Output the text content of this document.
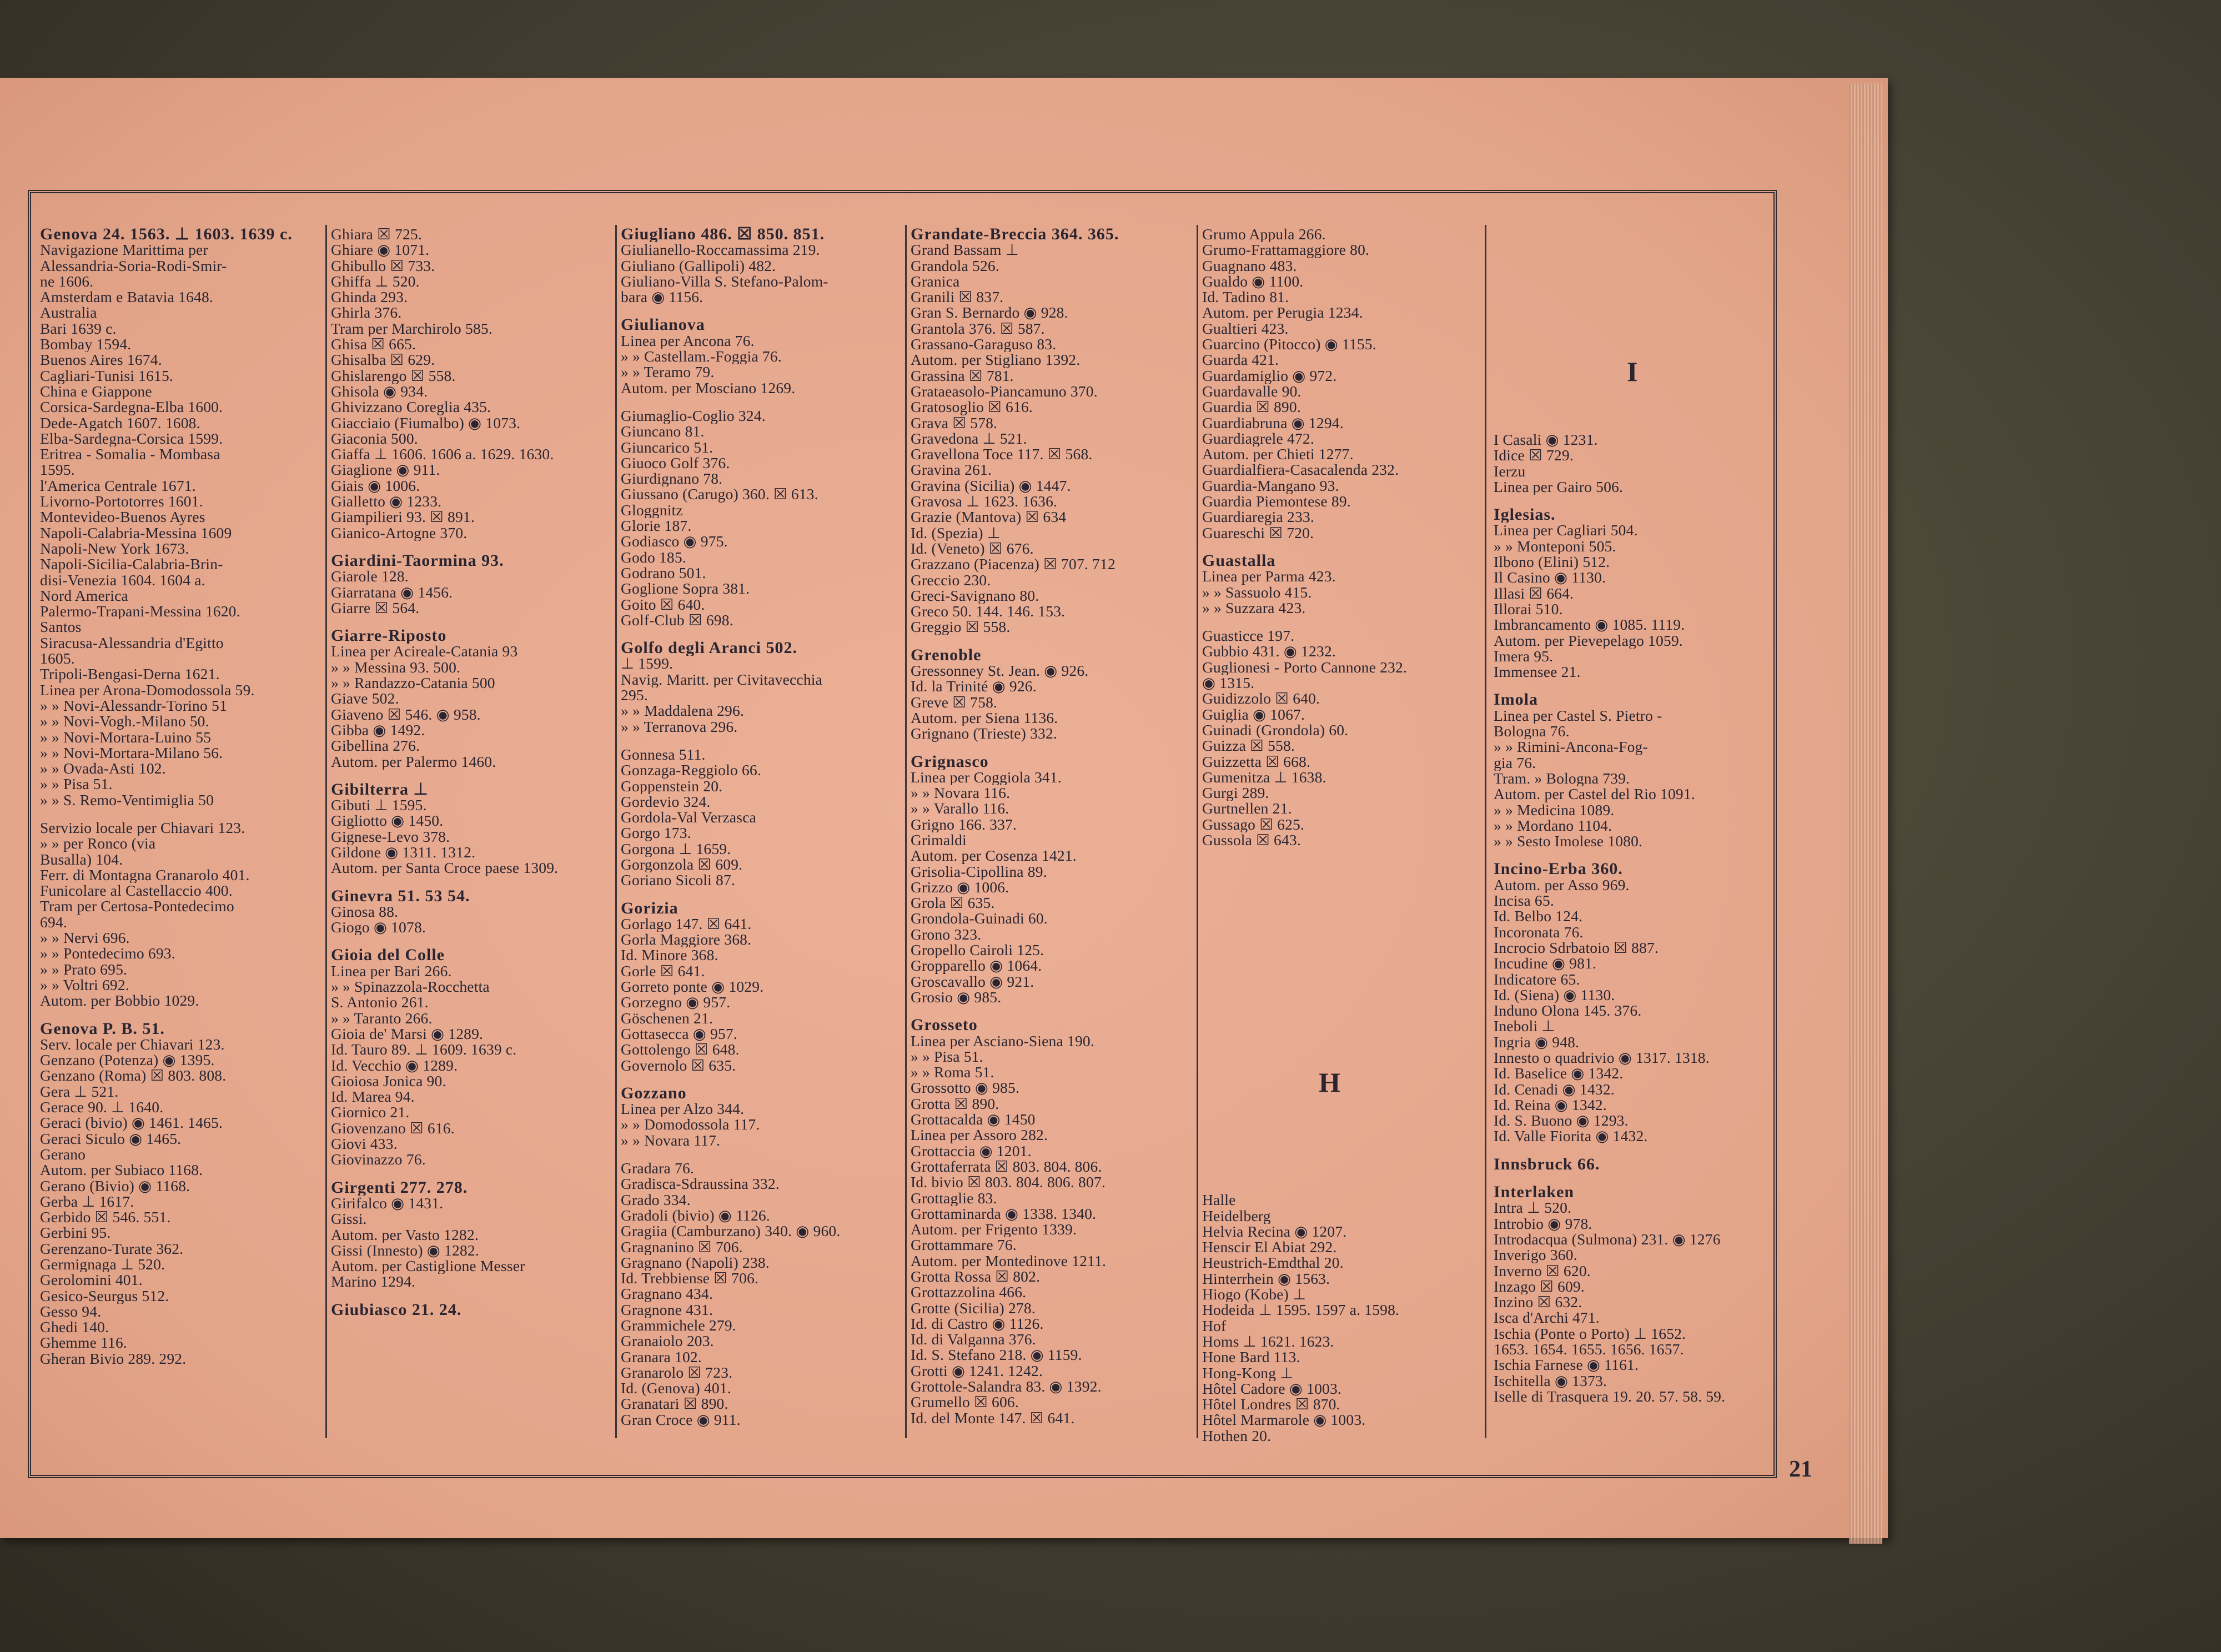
Genova 24. 1563. ⊥ 1603. 1639 c.
Navigazione Marittima per
Alessandria-Soria-Rodi-Smir-
ne 1606.
Amsterdam e Batavia 1648.
Australia
Bari 1639 c.
Bombay 1594.
Buenos Aires 1674.
Cagliari-Tunisi 1615.
China e Giappone
Corsica-Sardegna-Elba 1600.
Dede-Agatch 1607. 1608.
Elba-Sardegna-Corsica 1599.
Eritrea - Somalia - Mombasa
1595.
l'America Centrale 1671.
Livorno-Portotorres 1601.
Montevideo-Buenos Ayres
Napoli-Calabria-Messina 1609
Napoli-New York 1673.
Napoli-Sicilia-Calabria-Brin-
disi-Venezia 1604. 1604 a.
Nord America
Palermo-Trapani-Messina 1620.
Santos
Siracusa-Alessandria d'Egitto
1605.
Tripoli-Bengasi-Derna 1621.
Linea per Arona-Domodossola 59.
» » Novi-Alessandr-Torino 51
» » Novi-Vogh.-Milano 50.
» » Novi-Mortara-Luino 55
» » Novi-Mortara-Milano 56.
» » Ovada-Asti 102.
» » Pisa 51.
» » S. Remo-Ventimiglia 50
Servizio locale per Chiavari 123.
» » per Ronco (via
Busalla) 104.
Ferr. di Montagna Granarolo 401.
Funicolare al Castellaccio 400.
Tram per Certosa-Pontedecimo
694.
» » Nervi 696.
» » Pontedecimo 693.
» » Prato 695.
» » Voltri 692.
Autom. per Bobbio 1029.
Genova P. B. 51.
Serv. locale per Chiavari 123.
Genzano (Potenza) ◉ 1395.
Genzano (Roma) ☒ 803. 808.
Gera ⊥ 521.
Gerace 90. ⊥ 1640.
Geraci (bivio) ◉ 1461. 1465.
Geraci Siculo ◉ 1465.
Gerano
Autom. per Subiaco 1168.
Gerano (Bivio) ◉ 1168.
Gerba ⊥ 1617.
Gerbido ☒ 546. 551.
Gerbini 95.
Gerenzano-Turate 362.
Germignaga ⊥ 520.
Gerolomini 401.
Gesico-Seurgus 512.
Gesso 94.
Ghedi 140.
Ghemme 116.
Gheran Bivio 289. 292.
Ghiara ☒ 725.
Ghiare ◉ 1071.
Ghibullo ☒ 733.
Ghiffa ⊥ 520.
Ghinda 293.
Ghirla 376.
Tram per Marchirolo 585.
Ghisa ☒ 665.
Ghisalba ☒ 629.
Ghislarengo ☒ 558.
Ghisola ◉ 934.
Ghivizzano Coreglia 435.
Giacciaio (Fiumalbo) ◉ 1073.
Giaconia 500.
Giaffa ⊥ 1606. 1606 a. 1629. 1630.
Giaglione ◉ 911.
Giais ◉ 1006.
Gialletto ◉ 1233.
Giampilieri 93. ☒ 891.
Gianico-Artogne 370.
Giardini-Taormina 93.
Giarole 128.
Giarratana ◉ 1456.
Giarre ☒ 564.
Giarre-Riposto
Linea per Acireale-Catania 93
» » Messina 93. 500.
» » Randazzo-Catania 500
Giave 502.
Giaveno ☒ 546. ◉ 958.
Gibba ◉ 1492.
Gibellina 276.
Autom. per Palermo 1460.
Gibilterra ⊥
Gibuti ⊥ 1595.
Gigliotto ◉ 1450.
Gignese-Levo 378.
Gildone ◉ 1311. 1312.
Autom. per Santa Croce paese 1309.
Ginevra 51. 53 54.
Ginosa 88.
Giogo ◉ 1078.
Gioia del Colle
Linea per Bari 266.
» » Spinazzola-Rocchetta
S. Antonio 261.
» » Taranto 266.
Gioia de' Marsi ◉ 1289.
Id. Tauro 89. ⊥ 1609. 1639 c.
Id. Vecchio ◉ 1289.
Gioiosa Jonica 90.
Id. Marea 94.
Giornico 21.
Giovenzano ☒ 616.
Giovi 433.
Giovinazzo 76.
Girgenti 277. 278.
Girifalco ◉ 1431.
Gissi.
Autom. per Vasto 1282.
Gissi (Innesto) ◉ 1282.
Autom. per Castiglione Messer
Marino 1294.
Giubiasco 21. 24.
Giugliano 486. ☒ 850. 851.
Giulianello-Roccamassima 219.
Giuliano (Gallipoli) 482.
Giuliano-Villa S. Stefano-Palom-
bara ◉ 1156.
Giulianova
Linea per Ancona 76.
» » Castellam.-Foggia 76.
» » Teramo 79.
Autom. per Mosciano 1269.
Giumaglio-Coglio 324.
Giuncano 81.
Giuncarico 51.
Giuoco Golf 376.
Giurdignano 78.
Giussano (Carugo) 360. ☒ 613.
Gloggnitz
Glorie 187.
Godiasco ◉ 975.
Godo 185.
Godrano 501.
Goglione Sopra 381.
Goito ☒ 640.
Golf-Club ☒ 698.
Golfo degli Aranci 502.
⊥ 1599.
Navig. Maritt. per Civitavecchia
295.
» » Maddalena 296.
» » Terranova 296.
Gonnesa 511.
Gonzaga-Reggiolo 66.
Goppenstein 20.
Gordevio 324.
Gordola-Val Verzasca
Gorgo 173.
Gorgona ⊥ 1659.
Gorgonzola ☒ 609.
Goriano Sicoli 87.
Gorizia
Gorlago 147. ☒ 641.
Gorla Maggiore 368.
Id. Minore 368.
Gorle ☒ 641.
Gorreto ponte ◉ 1029.
Gorzegno ◉ 957.
Göschenen 21.
Gottasecca ◉ 957.
Gottolengo ☒ 648.
Governolo ☒ 635.
Gozzano
Linea per Alzo 344.
» » Domodossola 117.
» » Novara 117.
Gradara 76.
Gradisca-Sdraussina 332.
Grado 334.
Gradoli (bivio) ◉ 1126.
Gragiia (Camburzano) 340. ◉ 960.
Gragnanino ☒ 706.
Gragnano (Napoli) 238.
Id. Trebbiense ☒ 706.
Gragnano 434.
Gragnone 431.
Grammichele 279.
Granaiolo 203.
Granara 102.
Granarolo ☒ 723.
Id. (Genova) 401.
Granatari ☒ 890.
Gran Croce ◉ 911.
Grandate-Breccia 364. 365.
Grand Bassam ⊥
Grandola 526.
Granica
Granili ☒ 837.
Gran S. Bernardo ◉ 928.
Grantola 376. ☒ 587.
Grassano-Garaguso 83.
Autom. per Stigliano 1392.
Grassina ☒ 781.
Grataeasolo-Piancamuno 370.
Gratosoglio ☒ 616.
Grava ☒ 578.
Gravedona ⊥ 521.
Gravellona Toce 117. ☒ 568.
Gravina 261.
Gravina (Sicilia) ◉ 1447.
Gravosa ⊥ 1623. 1636.
Grazie (Mantova) ☒ 634
Id. (Spezia) ⊥
Id. (Veneto) ☒ 676.
Grazzano (Piacenza) ☒ 707. 712
Greccio 230.
Greci-Savignano 80.
Greco 50. 144. 146. 153.
Greggio ☒ 558.
Grenoble
Gressonney St. Jean. ◉ 926.
Id. la Trinité ◉ 926.
Greve ☒ 758.
Autom. per Siena 1136.
Grignano (Trieste) 332.
Grignasco
Linea per Coggiola 341.
» » Novara 116.
» » Varallo 116.
Grigno 166. 337.
Grimaldi
Autom. per Cosenza 1421.
Grisolia-Cipollina 89.
Grizzo ◉ 1006.
Grola ☒ 635.
Grondola-Guinadi 60.
Grono 323.
Gropello Cairoli 125.
Gropparello ◉ 1064.
Groscavallo ◉ 921.
Grosio ◉ 985.
Grosseto
Linea per Asciano-Siena 190.
» » Pisa 51.
» » Roma 51.
Grossotto ◉ 985.
Grotta ☒ 890.
Grottacalda ◉ 1450
Linea per Assoro 282.
Grottaccia ◉ 1201.
Grottaferrata ☒ 803. 804. 806.
Id. bivio ☒ 803. 804. 806. 807.
Grottaglie 83.
Grottaminarda ◉ 1338. 1340.
Autom. per Frigento 1339.
Grottammare 76.
Autom. per Montedinove 1211.
Grotta Rossa ☒ 802.
Grottazzolina 466.
Grotte (Sicilia) 278.
Id. di Castro ◉ 1126.
Id. di Valganna 376.
Id. S. Stefano 218. ◉ 1159.
Grotti ◉ 1241. 1242.
Grottole-Salandra 83. ◉ 1392.
Grumello ☒ 606.
Id. del Monte 147. ☒ 641.
Grumo Appula 266.
Grumo-Frattamaggiore 80.
Guagnano 483.
Gualdo ◉ 1100.
Id. Tadino 81.
Autom. per Perugia 1234.
Gualtieri 423.
Guarcino (Pitocco) ◉ 1155.
Guarda 421.
Guardamiglio ◉ 972.
Guardavalle 90.
Guardia ☒ 890.
Guardiabruna ◉ 1294.
Guardiagrele 472.
Autom. per Chieti 1277.
Guardialfiera-Casacalenda 232.
Guardia-Mangano 93.
Guardia Piemontese 89.
Guardiaregia 233.
Guareschi ☒ 720.
Guastalla
Linea per Parma 423.
» » Sassuolo 415.
» » Suzzara 423.
Guasticce 197.
Gubbio 431. ◉ 1232.
Guglionesi - Porto Cannone 232.
◉ 1315.
Guidizzolo ☒ 640.
Guiglia ◉ 1067.
Guinadi (Grondola) 60.
Guizza ☒ 558.
Guizzetta ☒ 668.
Gumenitza ⊥ 1638.
Gurgi 289.
Gurtnellen 21.
Gussago ☒ 625.
Gussola ☒ 643.
Halle
Heidelberg
Helvia Recina ◉ 1207.
Henscir El Abiat 292.
Heustrich-Emdthal 20.
Hinterrhein ◉ 1563.
Hiogo (Kobe) ⊥
Hodeida ⊥ 1595. 1597 a. 1598.
Hof
Homs ⊥ 1621. 1623.
Hone Bard 113.
Hong-Kong ⊥
Hôtel Cadore ◉ 1003.
Hôtel Londres ☒ 870.
Hôtel Marmarole ◉ 1003.
Hothen 20.
I Casali ◉ 1231.
Idice ☒ 729.
Ierzu
Linea per Gairo 506.
Iglesias.
Linea per Cagliari 504.
» » Monteponi 505.
Ilbono (Elini) 512.
Il Casino ◉ 1130.
Illasi ☒ 664.
Illorai 510.
Imbrancamento ◉ 1085. 1119.
Autom. per Pievepelago 1059.
Imera 95.
Immensee 21.
Imola
Linea per Castel S. Pietro -
Bologna 76.
» » Rimini-Ancona-Fog-
gia 76.
Tram. » Bologna 739.
Autom. per Castel del Rio 1091.
» » Medicina 1089.
» » Mordano 1104.
» » Sesto Imolese 1080.
Incino-Erba 360.
Autom. per Asso 969.
Incisa 65.
Id. Belbo 124.
Incoronata 76.
Incrocio Sdrbatoio ☒ 887.
Incudine ◉ 981.
Indicatore 65.
Id. (Siena) ◉ 1130.
Induno Olona 145. 376.
Ineboli ⊥
Ingria ◉ 948.
Innesto o quadrivio ◉ 1317. 1318.
Id. Baselice ◉ 1342.
Id. Cenadi ◉ 1432.
Id. Reina ◉ 1342.
Id. S. Buono ◉ 1293.
Id. Valle Fiorita ◉ 1432.
Innsbruck 66.
Interlaken
Intra ⊥ 520.
Introbio ◉ 978.
Introdacqua (Sulmona) 231. ◉ 1276
Inverigo 360.
Inverno ☒ 620.
Inzago ☒ 609.
Inzino ☒ 632.
Isca d'Archi 471.
Ischia (Ponte o Porto) ⊥ 1652.
1653. 1654. 1655. 1656. 1657.
Ischia Farnese ◉ 1161.
Ischitella ◉ 1373.
Iselle di Trasquera 19. 20. 57. 58. 59.
I
H
21
